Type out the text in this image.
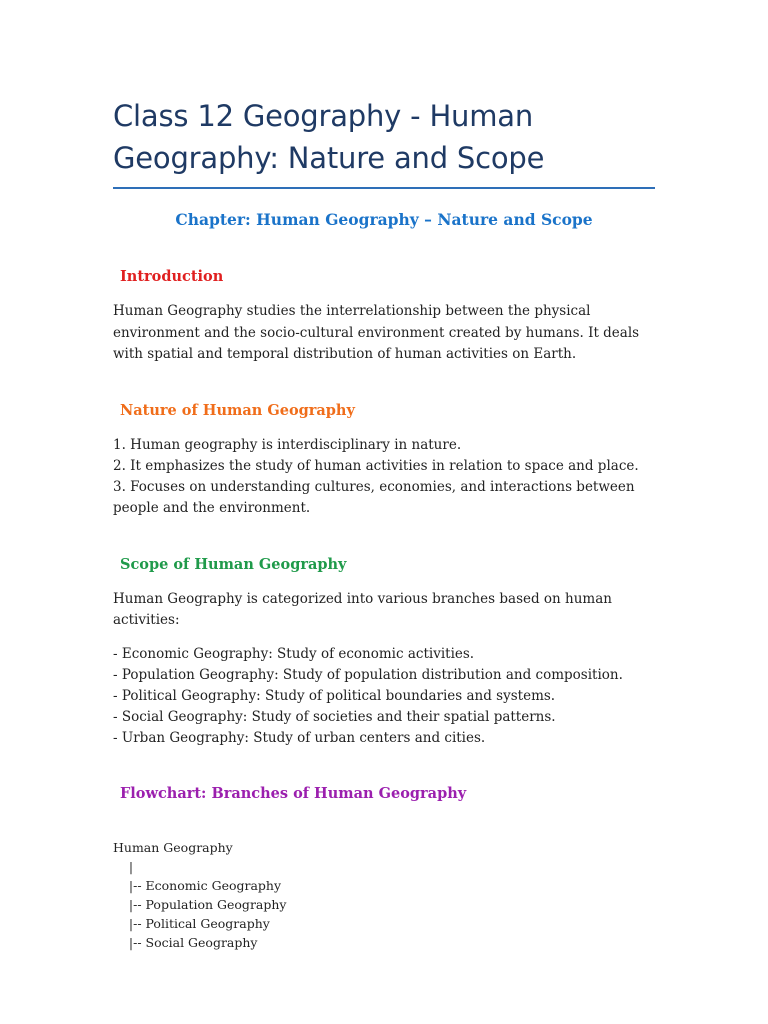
Class 12 Geography - Human
Geography: Nature and Scope
Chapter: Human Geography – Nature and Scope
Introduction

Human Geography studies the interrelationship between the physical environment and the socio-cultural environment created by humans. It deals with spatial and temporal distribution of human activities on Earth.

Nature of Human Geography
1. Human geography is interdisciplinary in nature.
2. It emphasizes the study of human activities in relation to space and place.
3. Focuses on understanding cultures, economies, and interactions between people and the environment.
Scope of Human Geography

Human Geography is categorized into various branches based on human activities:

- Economic Geography: Study of economic activities.
- Population Geography: Study of population distribution and composition.
- Political Geography: Study of political boundaries and systems.
- Social Geography: Study of societies and their spatial patterns.
- Urban Geography: Study of urban centers and cities.
Flowchart: Branches of Human Geography
Human Geography
|
|-- Economic Geography
|-- Population Geography
|-- Political Geography
|-- Social Geography
